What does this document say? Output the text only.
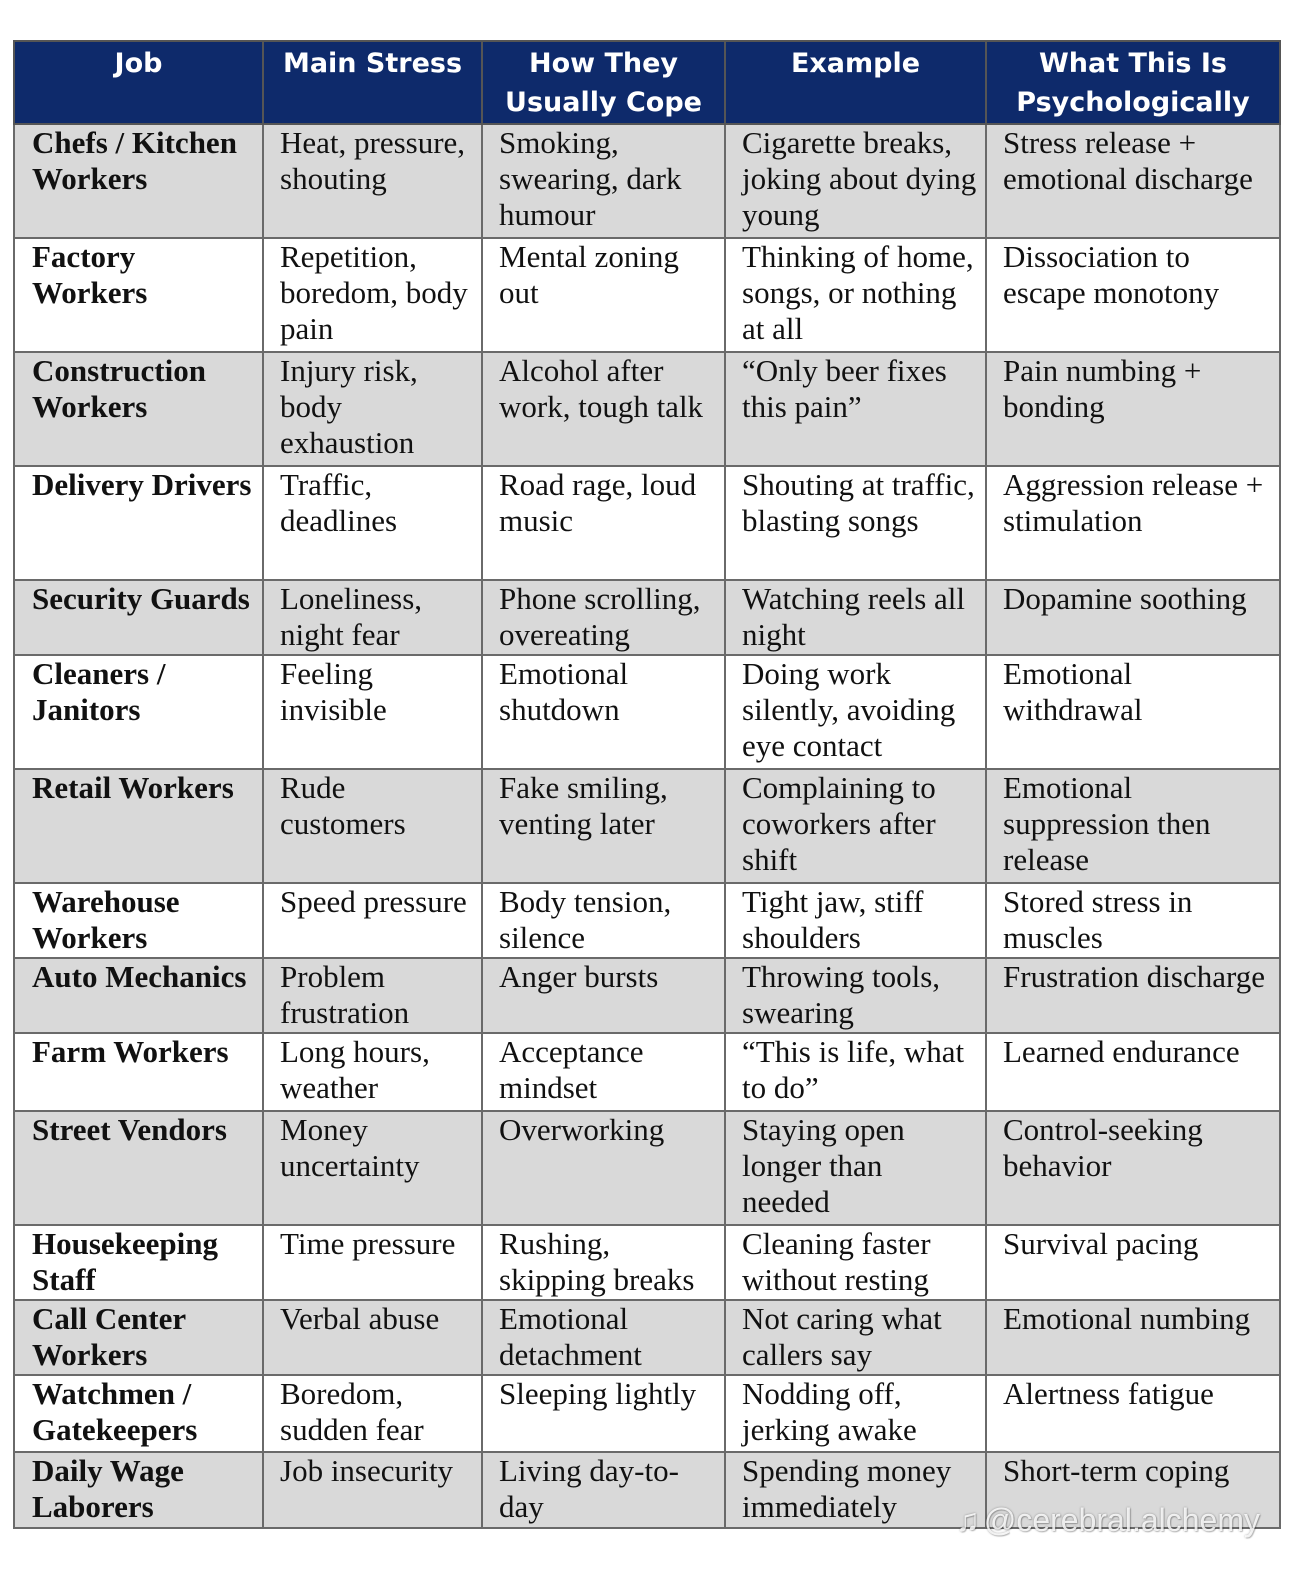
Job	Main Stress	How They Usually Cope	Example	What This Is Psychologically
Chefs / Kitchen Workers	Heat, pressure, shouting	Smoking, swearing, dark humour	Cigarette breaks, joking about dying young	Stress release + emotional discharge
Factory Workers	Repetition, boredom, body pain	Mental zoning out	Thinking of home, songs, or nothing at all	Dissociation to escape monotony
Construction Workers	Injury risk, body exhaustion	Alcohol after work, tough talk	“Only beer fixes this pain”	Pain numbing + bonding
Delivery Drivers	Traffic, deadlines	Road rage, loud music	Shouting at traffic, blasting songs	Aggression release + stimulation
Security Guards	Loneliness, night fear	Phone scrolling, overeating	Watching reels all night	Dopamine soothing
Cleaners / Janitors	Feeling invisible	Emotional shutdown	Doing work silently, avoiding eye contact	Emotional withdrawal
Retail Workers	Rude customers	Fake smiling, venting later	Complaining to coworkers after shift	Emotional suppression then release
Warehouse Workers	Speed pressure	Body tension, silence	Tight jaw, stiff shoulders	Stored stress in muscles
Auto Mechanics	Problem frustration	Anger bursts	Throwing tools, swearing	Frustration discharge
Farm Workers	Long hours, weather	Acceptance mindset	“This is life, what to do”	Learned endurance
Street Vendors	Money uncertainty	Overworking	Staying open longer than needed	Control-seeking behavior
Housekeeping Staff	Time pressure	Rushing, skipping breaks	Cleaning faster without resting	Survival pacing
Call Center Workers	Verbal abuse	Emotional detachment	Not caring what callers say	Emotional numbing
Watchmen / Gatekeepers	Boredom, sudden fear	Sleeping lightly	Nodding off, jerking awake	Alertness fatigue
Daily Wage Laborers	Job insecurity	Living day-to-day	Spending money immediately	Short-term coping
♫ @cerebral.alchemy
